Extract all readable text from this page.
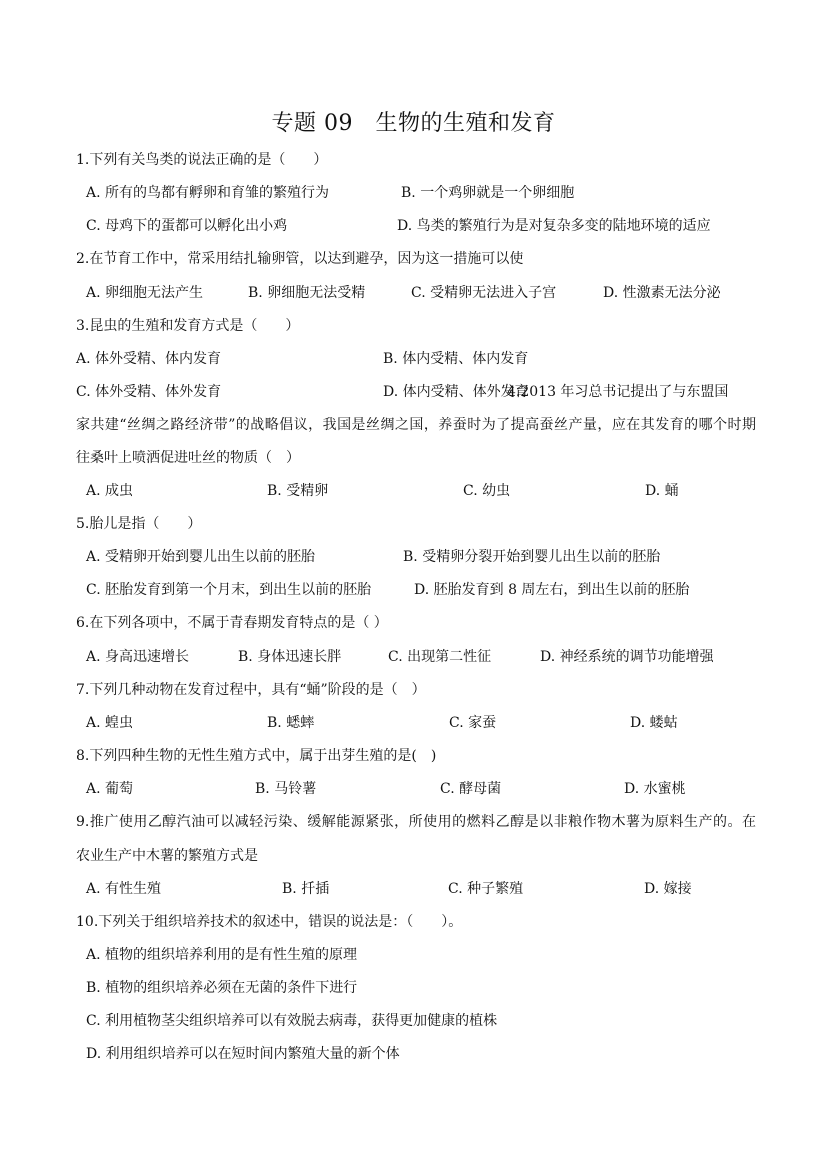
专题 09　生物的生殖和发育
1.下列有关鸟类的说法正确的是（　　）
A. 所有的鸟都有孵卵和育雏的繁殖行为	B. 一个鸡卵就是一个卵细胞
C. 母鸡下的蛋都可以孵化出小鸡	D. 鸟类的繁殖行为是对复杂多变的陆地环境的适应
2.在节育工作中，常采用结扎输卵管，以达到避孕，因为这一措施可以使
A. 卵细胞无法产生	B. 卵细胞无法受精	C. 受精卵无法进入子宫	D. 性激素无法分泌
3.昆虫的生殖和发育方式是（　　）
A. 体外受精、体内发育	B. 体内受精、体内发育
C. 体外受精、体外发育	D. 体内受精、体外发育
4.2013 年习总书记提出了与东盟国
家共建“丝绸之路经济带”的战略倡议，我国是丝绸之国，养蚕时为了提高蚕丝产量，应在其发育的哪个时期
往桑叶上喷洒促进吐丝的物质（　）
A. 成虫	B. 受精卵	C. 幼虫	D. 蛹
5.胎儿是指（　　）
A. 受精卵开始到婴儿出生以前的胚胎	B. 受精卵分裂开始到婴儿出生以前的胚胎
C. 胚胎发育到第一个月末，到出生以前的胚胎	D. 胚胎发育到 8 周左右，到出生以前的胚胎
6.在下列各项中，不属于青春期发育特点的是（ ）
A. 身高迅速增长	B. 身体迅速长胖	C. 出现第二性征	D. 神经系统的调节功能增强
7.下列几种动物在发育过程中，具有“蛹”阶段的是（　）
A. 蝗虫	B. 蟋蟀	C. 家蚕	D. 蝼蛄
8.下列四种生物的无性生殖方式中，属于出芽生殖的是(　)
A. 葡萄	B. 马铃薯	C. 酵母菌	D. 水蜜桃
9.推广使用乙醇汽油可以减轻污染、缓解能源紧张，所使用的燃料乙醇是以非粮作物木薯为原料生产的。在
农业生产中木薯的繁殖方式是
A. 有性生殖	B. 扦插	C. 种子繁殖	D. 嫁接
10.下列关于组织培养技术的叙述中，错误的说法是：（　　）。
A. 植物的组织培养利用的是有性生殖的原理
B. 植物的组织培养必须在无菌的条件下进行
C. 利用植物茎尖组织培养可以有效脱去病毒，获得更加健康的植株
D. 利用组织培养可以在短时间内繁殖大量的新个体
